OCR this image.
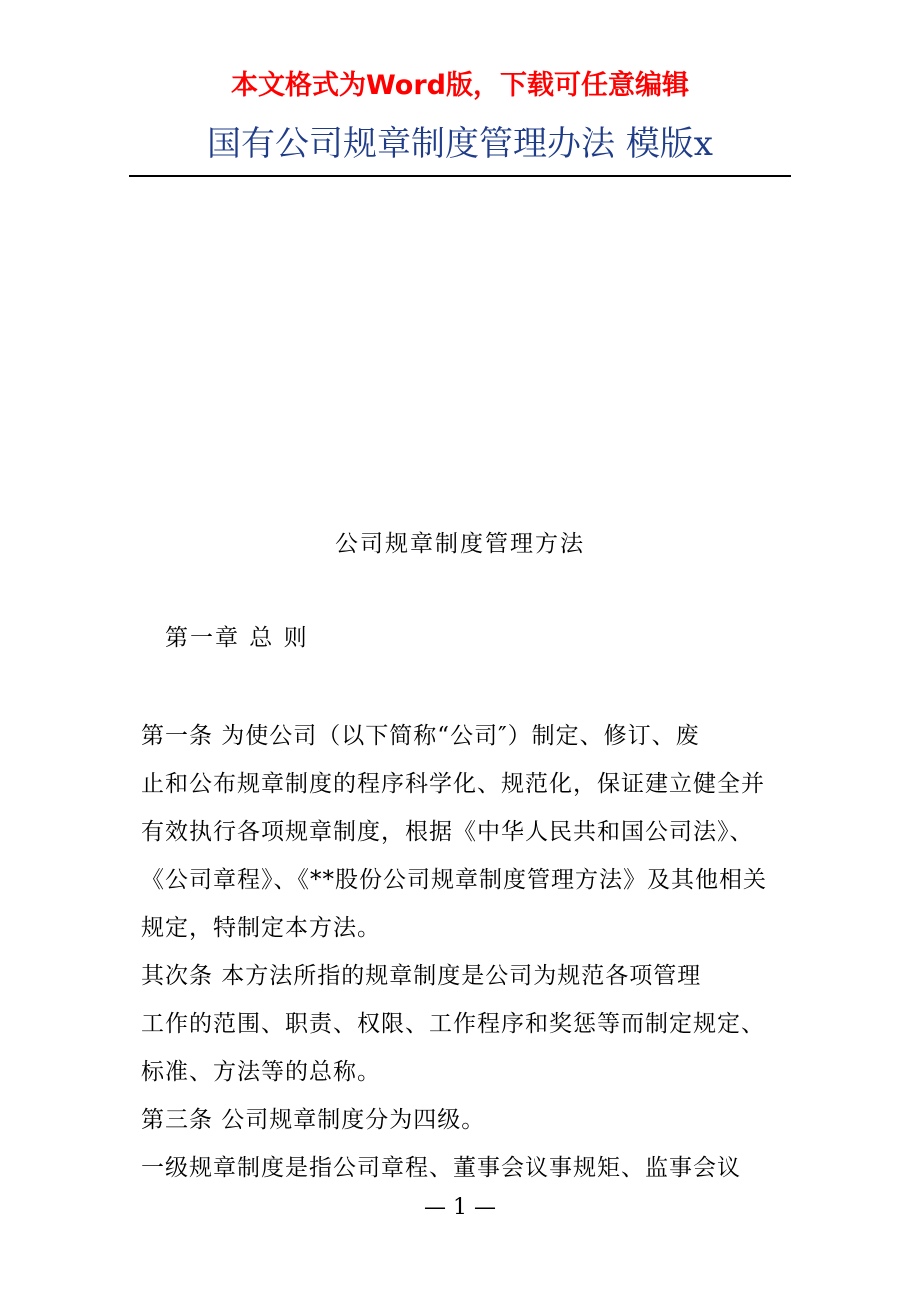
本文格式为Word版，下载可任意编辑
国有公司规章制度管理办法 模版x
公司规章制度管理方法
第一章 总 则
第一条 为使公司（以下简称“公司″）制定、修订、废
止和公布规章制度的程序科学化、规范化，保证建立健全并
有效执行各项规章制度，根据《中华人民共和国公司法》、
《公司章程》、《**股份公司规章制度管理方法》及其他相关
规定，特制定本方法。
其次条 本方法所指的规章制度是公司为规范各项管理
工作的范围、职责、权限、工作程序和奖惩等而制定规定、
标准、方法等的总称。
第三条 公司规章制度分为四级。
一级规章制度是指公司章程、董事会议事规矩、监事会议
— 1 —
